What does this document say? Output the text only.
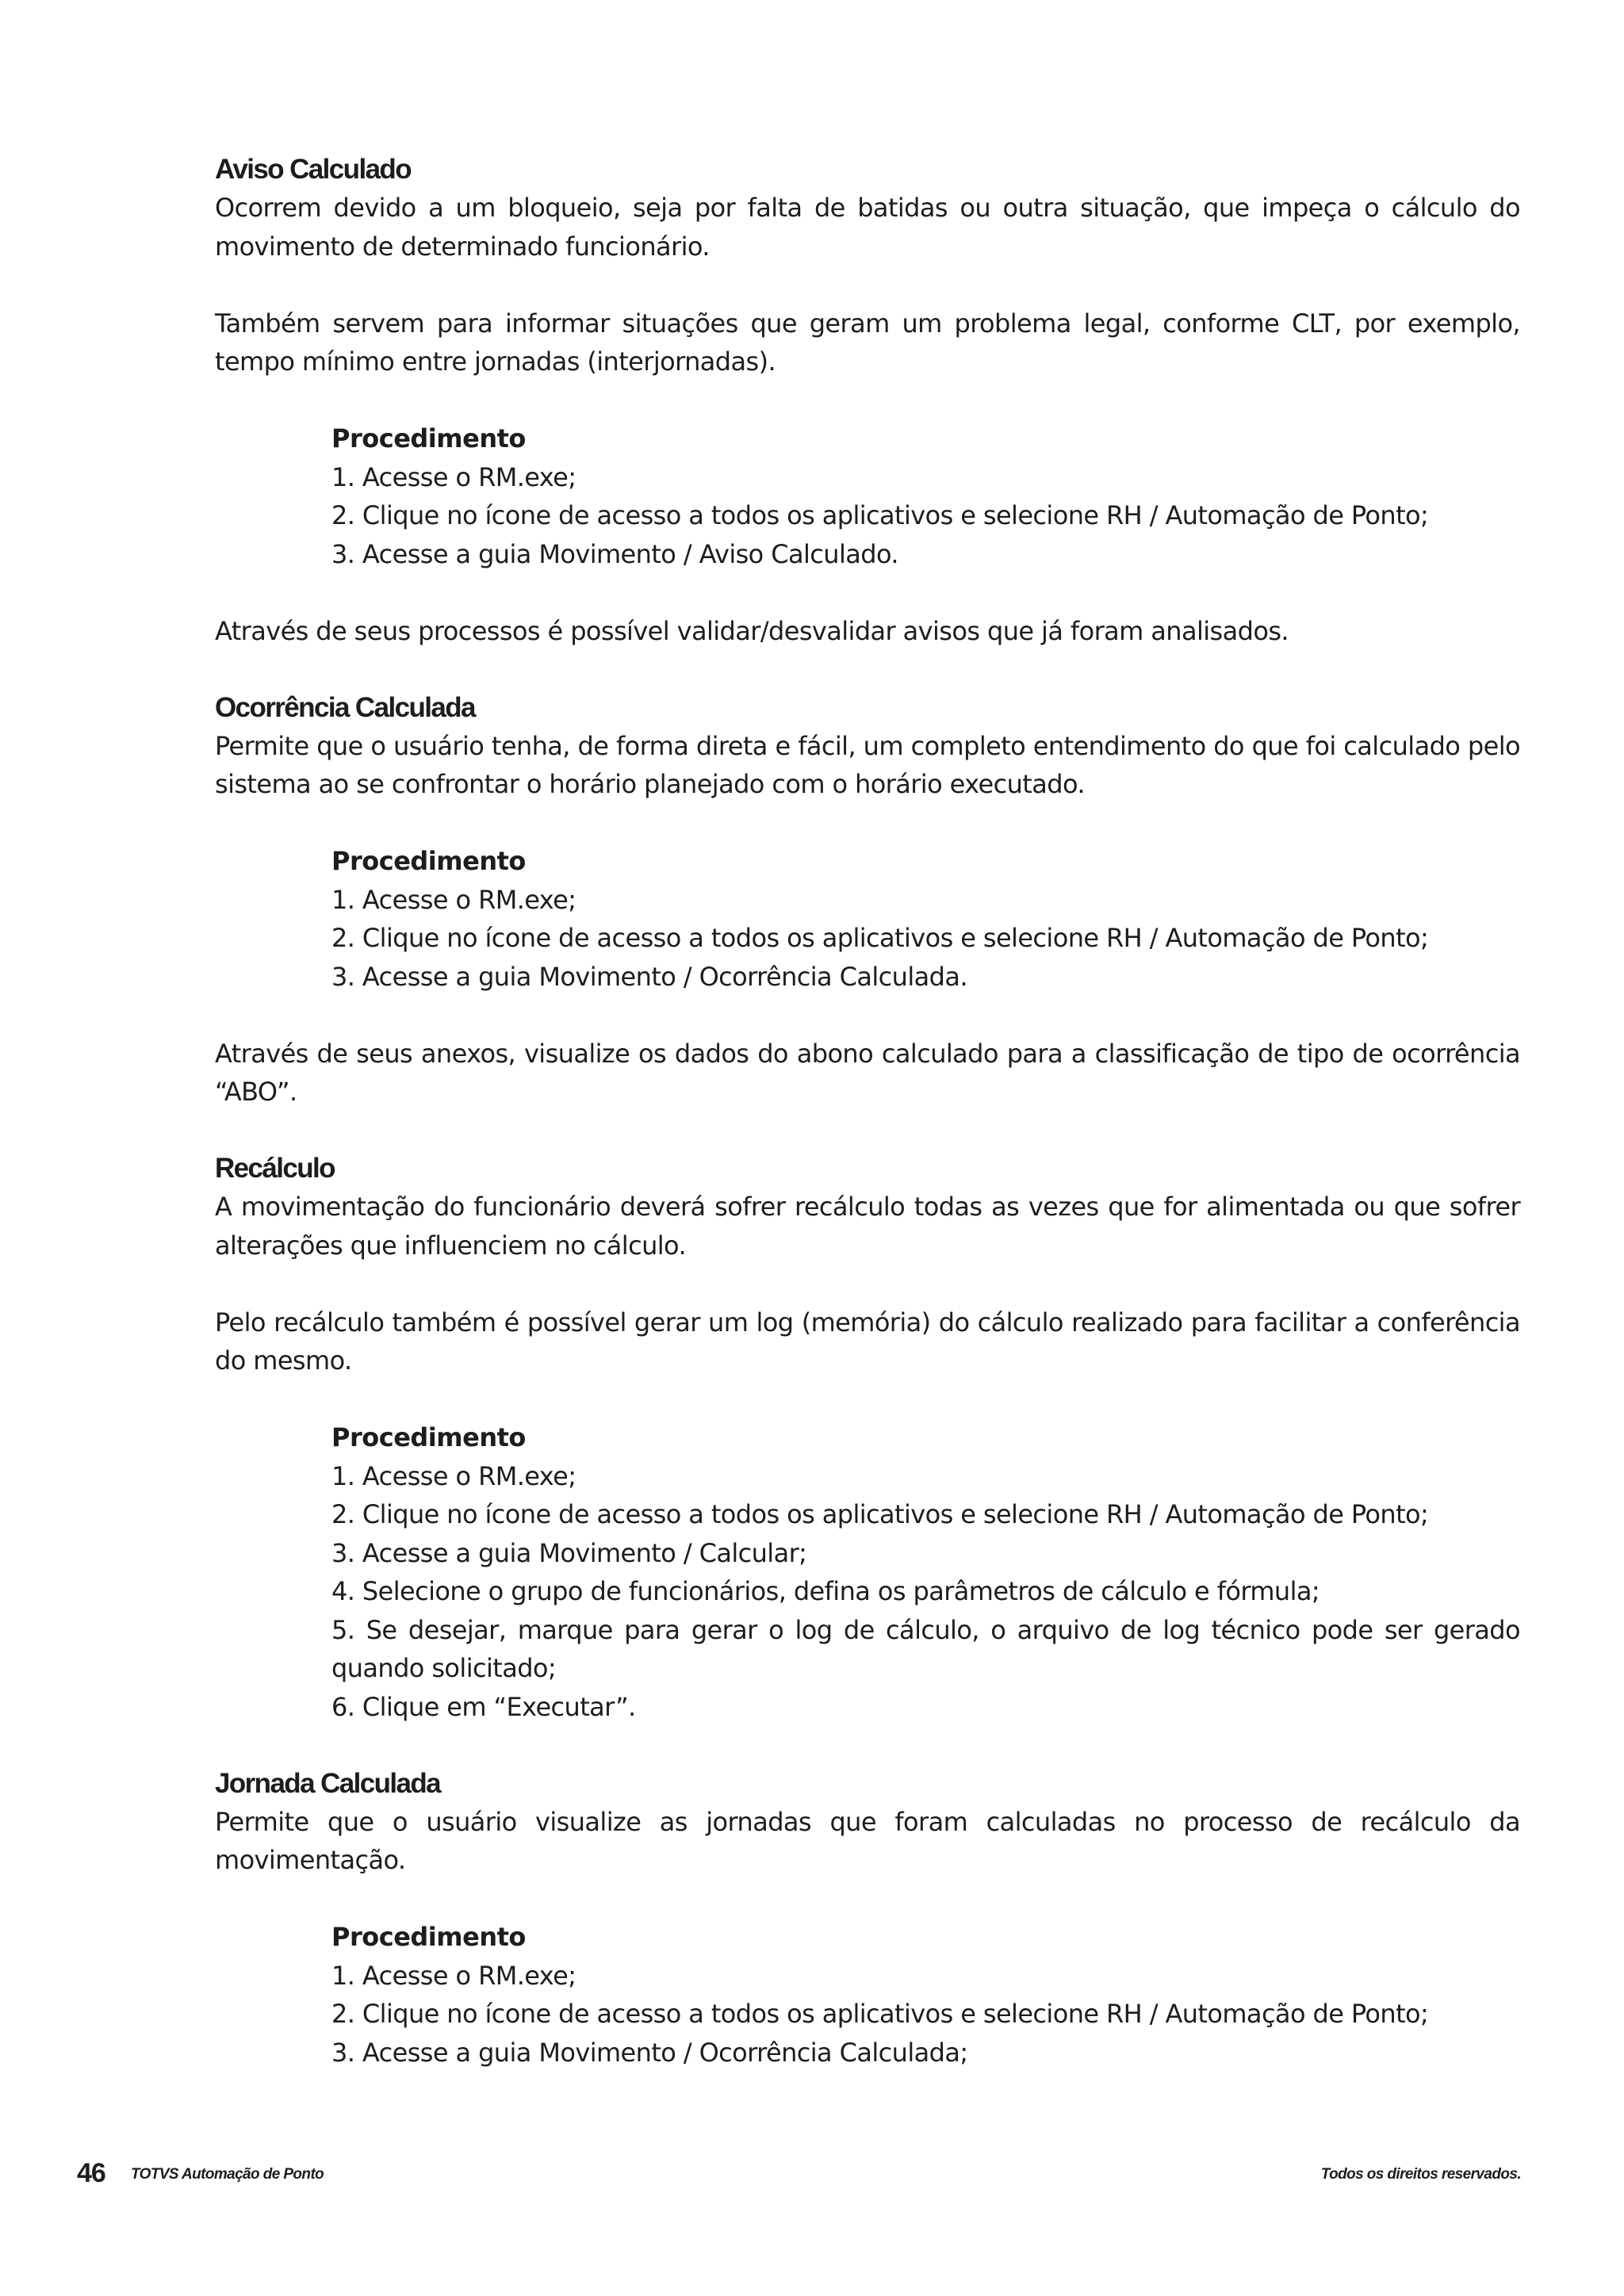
Aviso Calculado

Ocorrem devido a um bloqueio, seja por falta de batidas ou outra situação, que impeça o cálculo do movimento de determinado funcionário.

Também servem para informar situações que geram um problema legal, conforme CLT, por exemplo, tempo mínimo entre jornadas (interjornadas).

Procedimento
1. Acesse o RM.exe;
2. Clique no ícone de acesso a todos os aplicativos e selecione RH / Automação de Ponto;
3. Acesse a guia Movimento / Aviso Calculado.

Através de seus processos é possível validar/desvalidar avisos que já foram analisados.

Ocorrência Calculada

Permite que o usuário tenha, de forma direta e fácil, um completo entendimento do que foi calculado pelo sistema ao se confrontar o horário planejado com o horário executado.

Procedimento
1. Acesse o RM.exe;
2. Clique no ícone de acesso a todos os aplicativos e selecione RH / Automação de Ponto;
3. Acesse a guia Movimento / Ocorrência Calculada.

Através de seus anexos, visualize os dados do abono calculado para a classificação de tipo de ocorrência “ABO”.

Recálculo

A movimentação do funcionário deverá sofrer recálculo todas as vezes que for alimentada ou que sofrer alterações que influenciem no cálculo.

Pelo recálculo também é possível gerar um log (memória) do cálculo realizado para facilitar a conferência do mesmo.

Procedimento
1. Acesse o RM.exe;
2. Clique no ícone de acesso a todos os aplicativos e selecione RH / Automação de Ponto;
3. Acesse a guia Movimento / Calcular;
4. Selecione o grupo de funcionários, defina os parâmetros de cálculo e fórmula;
5. Se desejar, marque para gerar o log de cálculo, o arquivo de log técnico pode ser gerado quando solicitado;
6. Clique em “Executar”.
Jornada Calculada

Permite que o usuário visualize as jornadas que foram calculadas no processo de recálculo da movimentação.

Procedimento
1. Acesse o RM.exe;
2. Clique no ícone de acesso a todos os aplicativos e selecione RH / Automação de Ponto;
3. Acesse a guia Movimento / Ocorrência Calculada;
46 TOTVS Automação de Ponto	Todos os direitos reservados.
